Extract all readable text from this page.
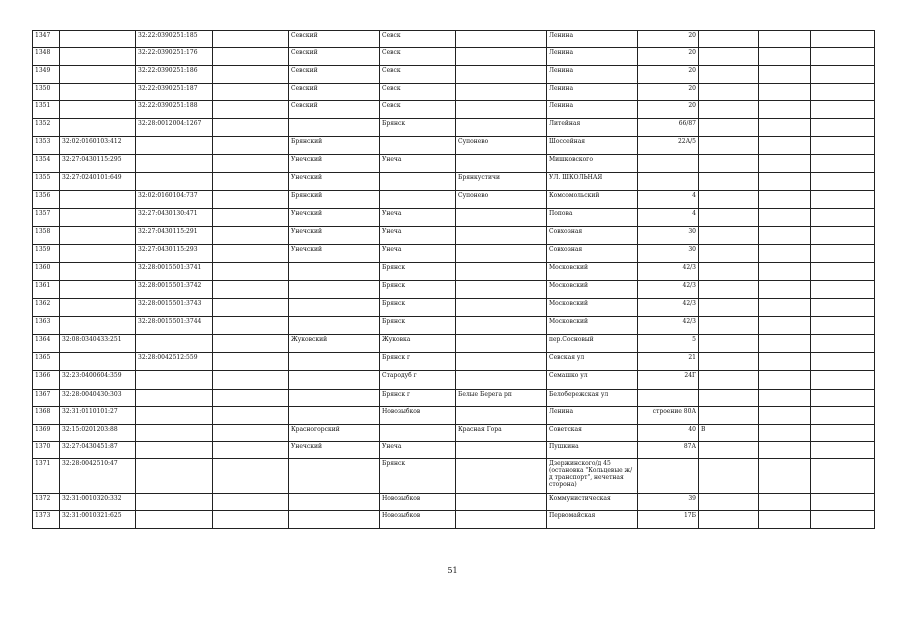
1347		32:22:0390251:185		Севский	Севск		Ленина	20			
1348		32:22:0390251:176		Севский	Севск		Ленина	20			
1349		32:22:0390251:186		Севский	Севск		Ленина	20			
1350		32:22:0390251:187		Севский	Севск		Ленина	20			
1351		32:22:0390251:188		Севский	Севск		Ленина	20			
1352		32:28:0012004:1267			Брянск		Литейная	66/87			
1353	32:02:0160103:412			Брянский		Супонево	Шоссейная	22А/5			
1354	32:27:0430115:295			Унечский	Унеча		Мишковского				
1355	32:27:0240101:649			Унечский		Брянкустичи	УЛ. ШКОЛЬНАЯ				
1356		32:02:0160104:737		Брянский		Супонево	Комсомольский	4			
1357		32:27:0430130:471		Унечский	Унеча		Попова	4			
1358		32:27:0430115:291		Унечский	Унеча		Совхозная	30			
1359		32:27:0430115:293		Унечский	Унеча		Совхозная	30			
1360		32:28:0015501:3741			Брянск		Московский	42/3			
1361		32:28:0015501:3742			Брянск		Московский	42/3			
1362		32:28:0015501:3743			Брянск		Московский	42/3			
1363		32:28:0015501:3744			Брянск		Московский	42/3			
1364	32:08:0340433:251			Жуковский	Жуковка		пер.Сосновый	5			
1365		32:28:0042512:559			Брянск г		Севская ул	21			
1366	32:23:0400604:359				Стародуб г		Семашко ул	24Г			
1367	32:28:0040430:303				Брянск г	Белые Берега рп	Белобережская ул				
1368	32:31:0110101:27				Новозыбков		Ленина	строение 80А			
1369	32:15:0201203:88			Красногорский		Красная Гора	Советская	40	В		
1370	32:27:0430451:87			Унечский	Унеча		Пушкина	87А			
1371	32:28:0042510:47				Брянск		Дзержинского/д 45 (остановка "Кольцевые ж/д транспорт", нечетная сторона)				
1372	32:31:0010320:332				Новозыбков		Коммунистическая	39			
1373	32:31:0010321:625				Новозыбков		Первомайская	17Б			
51
